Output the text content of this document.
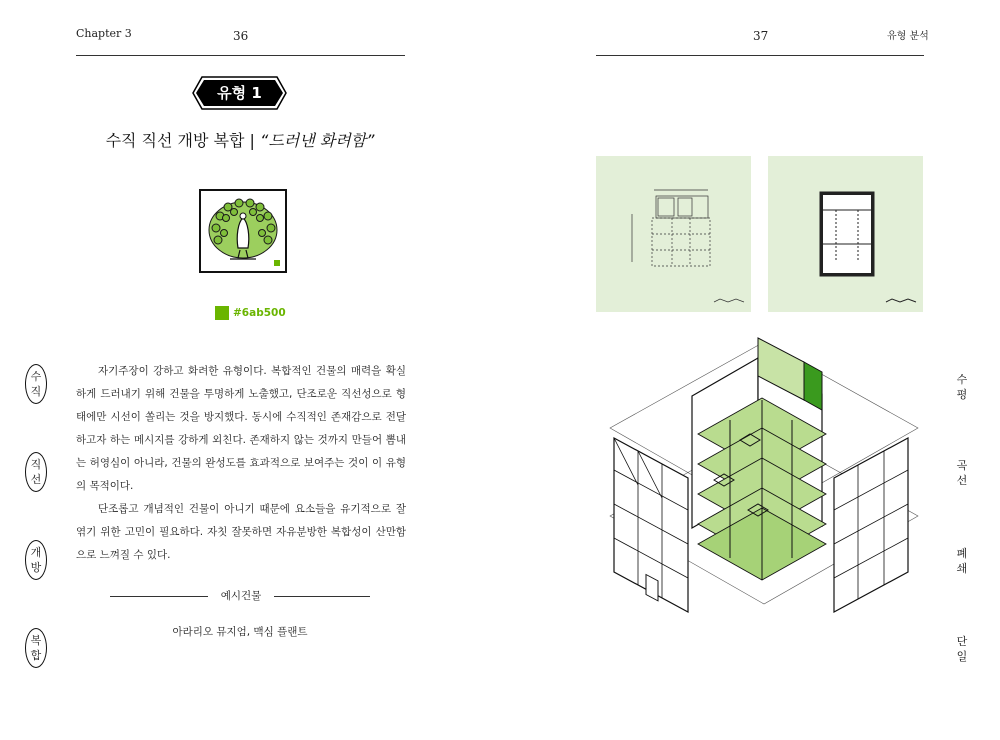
Chapter 3	36
유형 1
수직 직선 개방 복합 | “드러낸 화려함”
#6ab500

자기주장이 강하고 화려한 유형이다. 복합적인 건물의 매력을 확실하게 드러내기 위해 건물을 투명하게 노출했고, 단조로운 직선성으로 형태에만 시선이 쏠리는 것을 방지했다. 동시에 수직적인 존재감으로 전달하고자 하는 메시지를 강하게 외친다. 존재하지 않는 것까지 만들어 뽐내는 허영심이 아니라, 건물의 완성도를 효과적으로 보여주는 것이 이 유형의 목적이다.

단조롭고 개념적인 건물이 아니기 때문에 요소들을 유기적으로 잘 엮기 위한 고민이 필요하다. 자칫 잘못하면 자유분방한 복합성이 산만함으로 느껴질 수 있다.

예시건물
아라리오 뮤지엄, 맥심 플랜트
수
직
직
선
개
방
복
합
37	유형 분석
수
평
곡
선
폐
쇄
단
일
